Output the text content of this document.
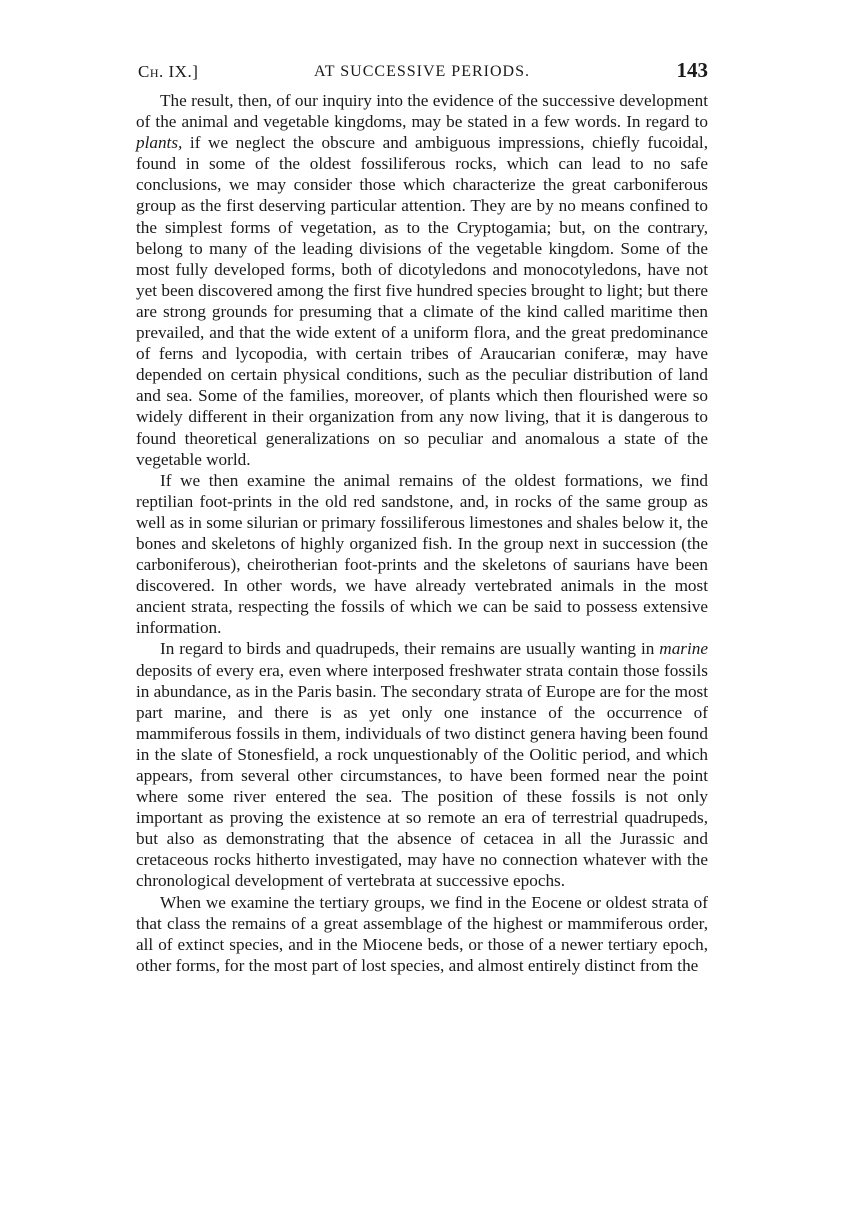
Ch. IX.]	AT SUCCESSIVE PERIODS.	143

The result, then, of our inquiry into the evidence of the successive development of the animal and vegetable kingdoms, may be stated in a few words. In regard to plants, if we neglect the obscure and ambiguous impressions, chiefly fucoidal, found in some of the oldest fossiliferous rocks, which can lead to no safe conclusions, we may consider those which characterize the great carboniferous group as the first deserving particular attention. They are by no means confined to the simplest forms of vegetation, as to the Cryptogamia; but, on the contrary, belong to many of the leading divisions of the vegetable kingdom. Some of the most fully developed forms, both of dicotyledons and monocotyledons, have not yet been discovered among the first five hundred species brought to light; but there are strong grounds for presuming that a climate of the kind called maritime then prevailed, and that the wide extent of a uniform flora, and the great predominance of ferns and lycopodia, with certain tribes of Araucarian coniferæ, may have depended on certain physical conditions, such as the peculiar distribution of land and sea. Some of the families, moreover, of plants which then flourished were so widely different in their organization from any now living, that it is dangerous to found theoretical generalizations on so peculiar and anomalous a state of the vegetable world.

If we then examine the animal remains of the oldest formations, we find reptilian foot-prints in the old red sandstone, and, in rocks of the same group as well as in some silurian or primary fossiliferous limestones and shales below it, the bones and skeletons of highly organized fish. In the group next in succession (the carboniferous), cheirotherian foot-prints and the skeletons of saurians have been discovered. In other words, we have already vertebrated animals in the most ancient strata, respecting the fossils of which we can be said to possess extensive information.

In regard to birds and quadrupeds, their remains are usually wanting in marine deposits of every era, even where interposed freshwater strata contain those fossils in abundance, as in the Paris basin. The secondary strata of Europe are for the most part marine, and there is as yet only one instance of the occurrence of mammiferous fossils in them, individuals of two distinct genera having been found in the slate of Stonesfield, a rock unquestionably of the Oolitic period, and which appears, from several other circumstances, to have been formed near the point where some river entered the sea. The position of these fossils is not only important as proving the existence at so remote an era of terrestrial quadrupeds, but also as demonstrating that the absence of cetacea in all the Jurassic and cretaceous rocks hitherto investigated, may have no connection whatever with the chronological development of vertebrata at successive epochs.

When we examine the tertiary groups, we find in the Eocene or oldest strata of that class the remains of a great assemblage of the highest or mammiferous order, all of extinct species, and in the Miocene beds, or those of a newer tertiary epoch, other forms, for the most part of lost species, and almost entirely distinct from the
